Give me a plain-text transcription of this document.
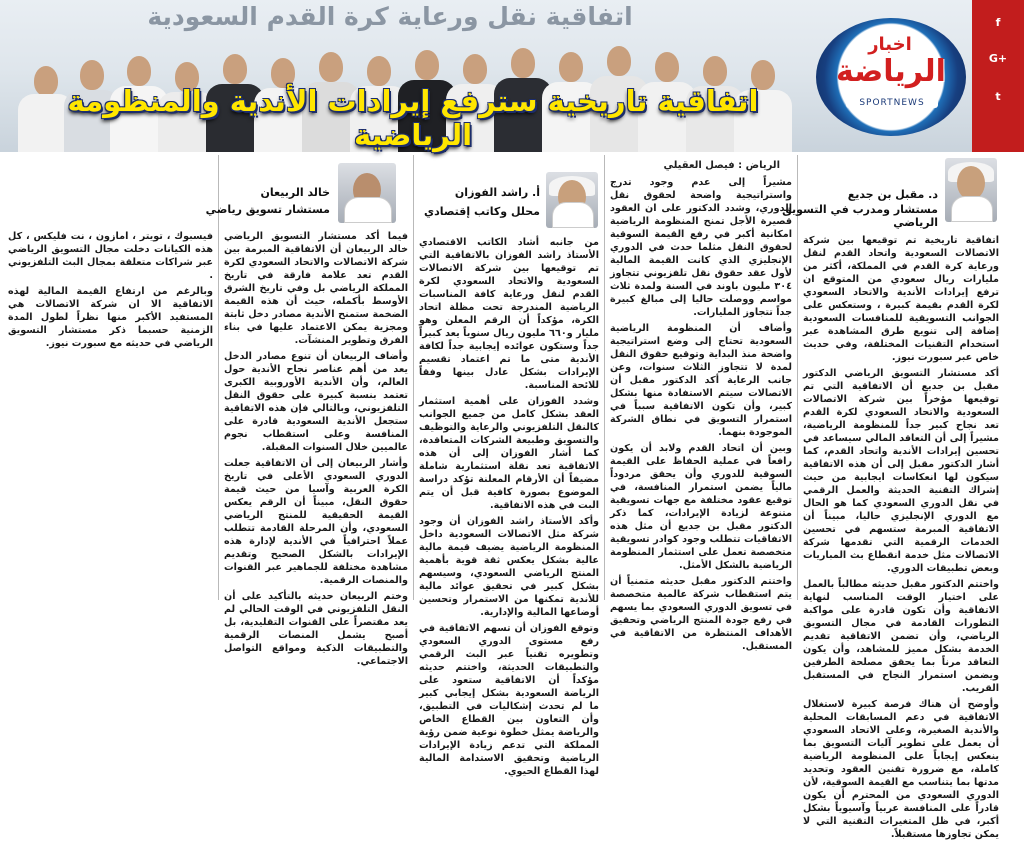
اتفاقية نقل ورعاية كرة القدم السعودية
اتفاقية تاريخية سترفع إيرادات الأندية والمنظومة الرياضية
اخبار
الرياضة
SPORTNEWS	t
G+
f
د. مقبل بن جديع
مستشار ومدرب في التسويق الرياضي
الرياض : فيصل العقيلي
أ. راشد الفوزان
محلل وكاتب إقتصادي
خالد الربيعان
مستشار تسويق رياضي

اتفاقية تاريخية تم توقيعها بين شركة الاتصالات السعودية واتحاد القدم لنقل ورعاية كرة القدم في المملكة، أكثر من مليارات ريال سعودي من المتوقع ان ترفع إيرادات الأندية والاتحاد السعودي لكرة القدم بقيمة كبيرة ، وستعكس على الجوانب التسويقية للمنافسات السعودية إضافة إلى تنويع طرق المشاهدة عبر استخدام التقنيات المختلفة، وفي حديث خاص عبر سبورت نيوز.

أكد مستشار التسويق الرياضي الدكتور مقبل بن جديع أن الاتفاقية التي تم توقيعها مؤخراً بين شركة الاتصالات السعودية والاتحاد السعودي لكرة القدم تعد نجاح كبير جداً للمنظومة الرياضية، مشيراً إلى أن التعاقد المالي سيساعد في تحسين إيرادات الأندية واتحاد القدم، كما أشار الدكتور مقبل إلى أن هذه الاتفاقية سيكون لها انعكاسات ايجابية من حيث إشراك التقنية الحديثة والعمل الرقمي في نقل الدوري السعودي كما هو الحال مع الدوري الإنجليزي حاليا، مبيناً أن الاتفاقية المبرمة ستسهم في تحسين الخدمات الرقمية التي تقدمها شركة الاتصالات مثل خدمة انقطاع بث المباريات وبعض تطبيقات الدوري.

واختتم الدكتور مقبل حديثه مطالباً بالعمل على اختيار الوقت المناسب لنهاية الاتفاقية وأن تكون قادرة على مواكبة التطورات القادمة في مجال التسويق الرياضي، وأن تضمن الاتفاقية تقديم الخدمة بشكل مميز للمشاهد، وأن يكون التعاقد مرناً بما يحقق مصلحة الطرفين ويضمن استمرار النجاح في المستقبل القريب.

وأوضح أن هناك فرصة كبيرة لاستغلال الاتفاقية في دعم المسابقات المحلية والأندية الصغيرة، وعلى الاتحاد السعودي أن يعمل على تطوير آليات التسويق بما ينعكس إيجاباً على المنظومة الرياضية كاملة، مع ضرورة تقنين العقود وتحديد مدتها بما يتناسب مع القيمة السوقية، لأن الدوري السعودي من المحترم أن يكون قادراً على المنافسة عربياً وآسيوياً بشكل أكبر، في ظل المتغيرات التقنية التي لا يمكن تجاوزها مستقبلاً.

مشيراً إلى عدم وجود تدرج واستراتيجية واضحة لحقوق نقل الدوري، وشدد الدكتور على ان العقود قصيرة الأجل تمنح المنظومة الرياضية امكانية أكبر في رفع القيمة السوقية لحقوق النقل مثلما حدث في الدوري الإنجليزي الذي كانت القيمة المالية لأول عقد حقوق نقل تلفزيوني تتجاوز ٣٠٤ مليون باوند في السنة ولمدة ثلاث مواسم ووصلت حاليا إلى مبالغ كبيرة جداً تتجاوز المليارات.

وأضاف أن المنظومة الرياضية السعودية تحتاج إلى وضع استراتيجية واضحة منذ البداية وتوقيع حقوق النقل لمدة لا تتجاوز الثلاث سنوات، وعن جانب الرعاية أكد الدكتور مقبل أن الاتصالات سيتم الاستفادة منها بشكل كبير، وأن تكون الاتفاقية سبباً في استمرار التسويق في نطاق الشركة الموجودة بنهما.

وبين أن اتحاد القدم ولابد أن يكون رافعاً في عملية الحفاظ على القيمة السوقية للدوري وأن يحقق مردوداً مالياً يضمن استمرار المنافسة، في توقيع عقود مختلفة مع جهات تسويقية متنوعة لزيادة الإيرادات، كما ذكر الدكتور مقبل بن جديع أن مثل هذه الاتفاقيات تتطلب وجود كوادر تسويقية متخصصة تعمل على استثمار المنظومة الرياضية بالشكل الأمثل.

واختتم الدكتور مقبل حديثه متمنياً أن يتم استقطاب شركة عالمية متخصصة في تسويق الدوري السعودي بما يسهم في رفع جودة المنتج الرياضي وتحقيق الأهداف المنتظرة من الاتفاقية في المستقبل.

من جانبه أشاد الكاتب الاقتصادي الأستاذ راشد الفوزان بالاتفاقية التي تم توقيعها بين شركة الاتصالات السعودية والاتحاد السعودي لكرة القدم لنقل ورعاية كافة المناسبات الرياضية المندرجة تحت مظلة اتحاد الكرة، مؤكداً أن الرقم المعلن وهو مليار و٦٦٠ مليون ريال سنوياً يعد كبيراً جداً وستكون عوائده إيجابية جداً لكافة الأندية متى ما تم اعتماد تقسيم الإيرادات بشكل عادل بينها وفقاً للائحة المناسبة.

وشدد الفوزان على أهمية استثمار العقد بشكل كامل من جميع الجوانب كالنقل التلفزيوني والرعاية والتوظيف والتسويق وطبيعة الشركات المتعاقدة، كما أشار الفوزان إلى أن هذه الاتفاقية تعد نقلة استثمارية شاملة مضيفاً أن الأرقام المعلنة تؤكد دراسة الموضوع بصورة كافية قبل أن يتم البت في هذه الاتفاقية.

وأكد الأستاذ راشد الفوزان أن وجود شركة مثل الاتصالات السعودية داخل المنظومة الرياضية يضيف قيمة مالية عالية بشكل يعكس ثقة قوية بأهمية المنتج الرياضي السعودي، وسيسهم بشكل كبير في تحقيق عوائد مالية للأندية تمكنها من الاستمرار وتحسين أوضاعها المالية والإدارية.

وتوقع الفوزان أن تسهم الاتفاقية في رفع مستوى الدوري السعودي وتطويره تقنياً عبر البث الرقمي والتطبيقات الحديثة، واختتم حديثه مؤكداً أن الاتفاقية ستعود على الرياضة السعودية بشكل إيجابي كبير ما لم تحدث إشكاليات في التطبيق، وأن التعاون بين القطاع الخاص والرياضة يمثل خطوة نوعية ضمن رؤية المملكة التي تدعم زيادة الإيرادات الرياضية وتحقيق الاستدامة المالية لهذا القطاع الحيوي.

فيما أكد مستشار التسويق الرياضي خالد الربيعان أن الاتفاقية المبرمة بين شركة الاتصالات والاتحاد السعودي لكرة القدم تعد علامة فارقة في تاريخ المملكة الرياضي بل وفي تاريخ الشرق الأوسط بأكمله، حيث أن هذه القيمة الضخمة ستمنح الأندية مصادر دخل ثابتة ومجزية يمكن الاعتماد عليها في بناء الفرق وتطوير المنشآت.

وأضاف الربيعان أن تنوع مصادر الدخل يعد من أهم عناصر نجاح الأندية حول العالم، وأن الأندية الأوروبية الكبرى تعتمد بنسبة كبيرة على حقوق النقل التلفزيوني، وبالتالي فإن هذه الاتفاقية ستجعل الأندية السعودية قادرة على المنافسة وعلى استقطاب نجوم عالميين خلال السنوات المقبلة.

وأشار الربيعان إلى أن الاتفاقية جعلت الدوري السعودي الأعلى في تاريخ الكرة العربية وآسيا من حيث قيمة حقوق النقل، مبيناً أن الرقم يعكس القيمة الحقيقية للمنتج الرياضي السعودي، وأن المرحلة القادمة تتطلب عملاً احترافياً في الأندية لإدارة هذه الإيرادات بالشكل الصحيح وتقديم مشاهدة مختلفة للجماهير عبر القنوات والمنصات الرقمية.

وختم الربيعان حديثه بالتأكيد على أن النقل التلفزيوني في الوقت الحالي لم يعد مقتصراً على القنوات التقليدية، بل أصبح يشمل المنصات الرقمية والتطبيقات الذكية ومواقع التواصل الاجتماعي.

فيسبوك ، تويتر ، امازون ، نت فليكس ، كل هذه الكيانات دخلت مجال التسويق الرياضي عبر شراكات متعلقة بمجال البث التلفزيوني .

وبالرغم من ارتفاع القيمة المالية لهذه الاتفاقية الا ان شركة الاتصالات هي المستفيد الأكبر منها نظراً لطول المدة الزمنية حسبما ذكر مستشار التسويق الرياضي في حديثه مع سبورت نيوز.
